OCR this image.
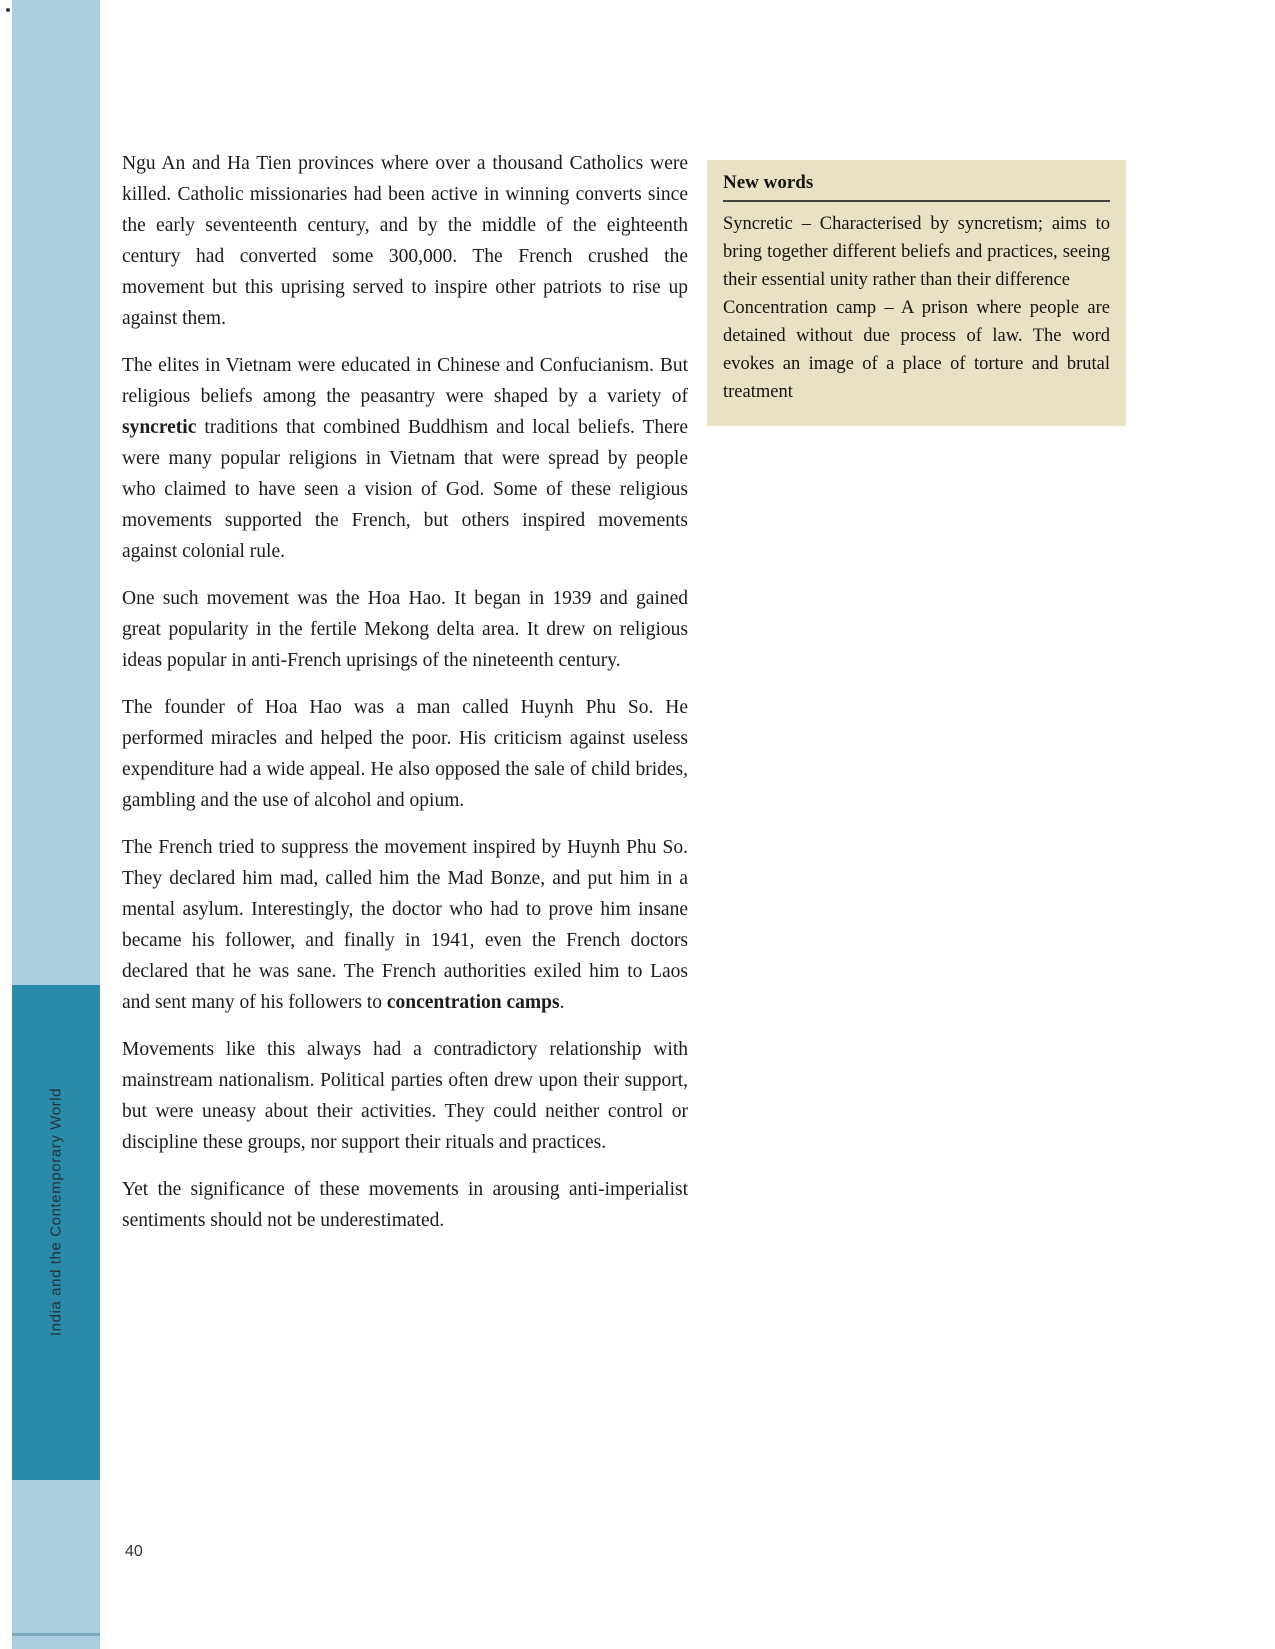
India and the Contemporary World

Ngu An and Ha Tien provinces where over a thousand Catholics were killed. Catholic missionaries had been active in winning converts since the early seventeenth century, and by the middle of the eighteenth century had converted some 300,000. The French crushed the movement but this uprising served to inspire other patriots to rise up against them.

The elites in Vietnam were educated in Chinese and Confucianism. But religious beliefs among the peasantry were shaped by a variety of syncretic traditions that combined Buddhism and local beliefs. There were many popular religions in Vietnam that were spread by people who claimed to have seen a vision of God. Some of these religious movements supported the French, but others inspired movements against colonial rule.

One such movement was the Hoa Hao. It began in 1939 and gained great popularity in the fertile Mekong delta area. It drew on religious ideas popular in anti-French uprisings of the nineteenth century.

The founder of Hoa Hao was a man called Huynh Phu So. He performed miracles and helped the poor. His criticism against useless expenditure had a wide appeal. He also opposed the sale of child brides, gambling and the use of alcohol and opium.

The French tried to suppress the movement inspired by Huynh Phu So. They declared him mad, called him the Mad Bonze, and put him in a mental asylum. Interestingly, the doctor who had to prove him insane became his follower, and finally in 1941, even the French doctors declared that he was sane. The French authorities exiled him to Laos and sent many of his followers to concentration camps.

Movements like this always had a contradictory relationship with mainstream nationalism. Political parties often drew upon their support, but were uneasy about their activities. They could neither control or discipline these groups, nor support their rituals and practices.

Yet the significance of these movements in arousing anti-imperialist sentiments should not be underestimated.

New words
Syncretic – Characterised by syncretism; aims to bring together different beliefs and practices, seeing their essential unity rather than their difference
Concentration camp – A prison where people are detained without due process of law. The word evokes an image of a place of torture and brutal treatment
40
